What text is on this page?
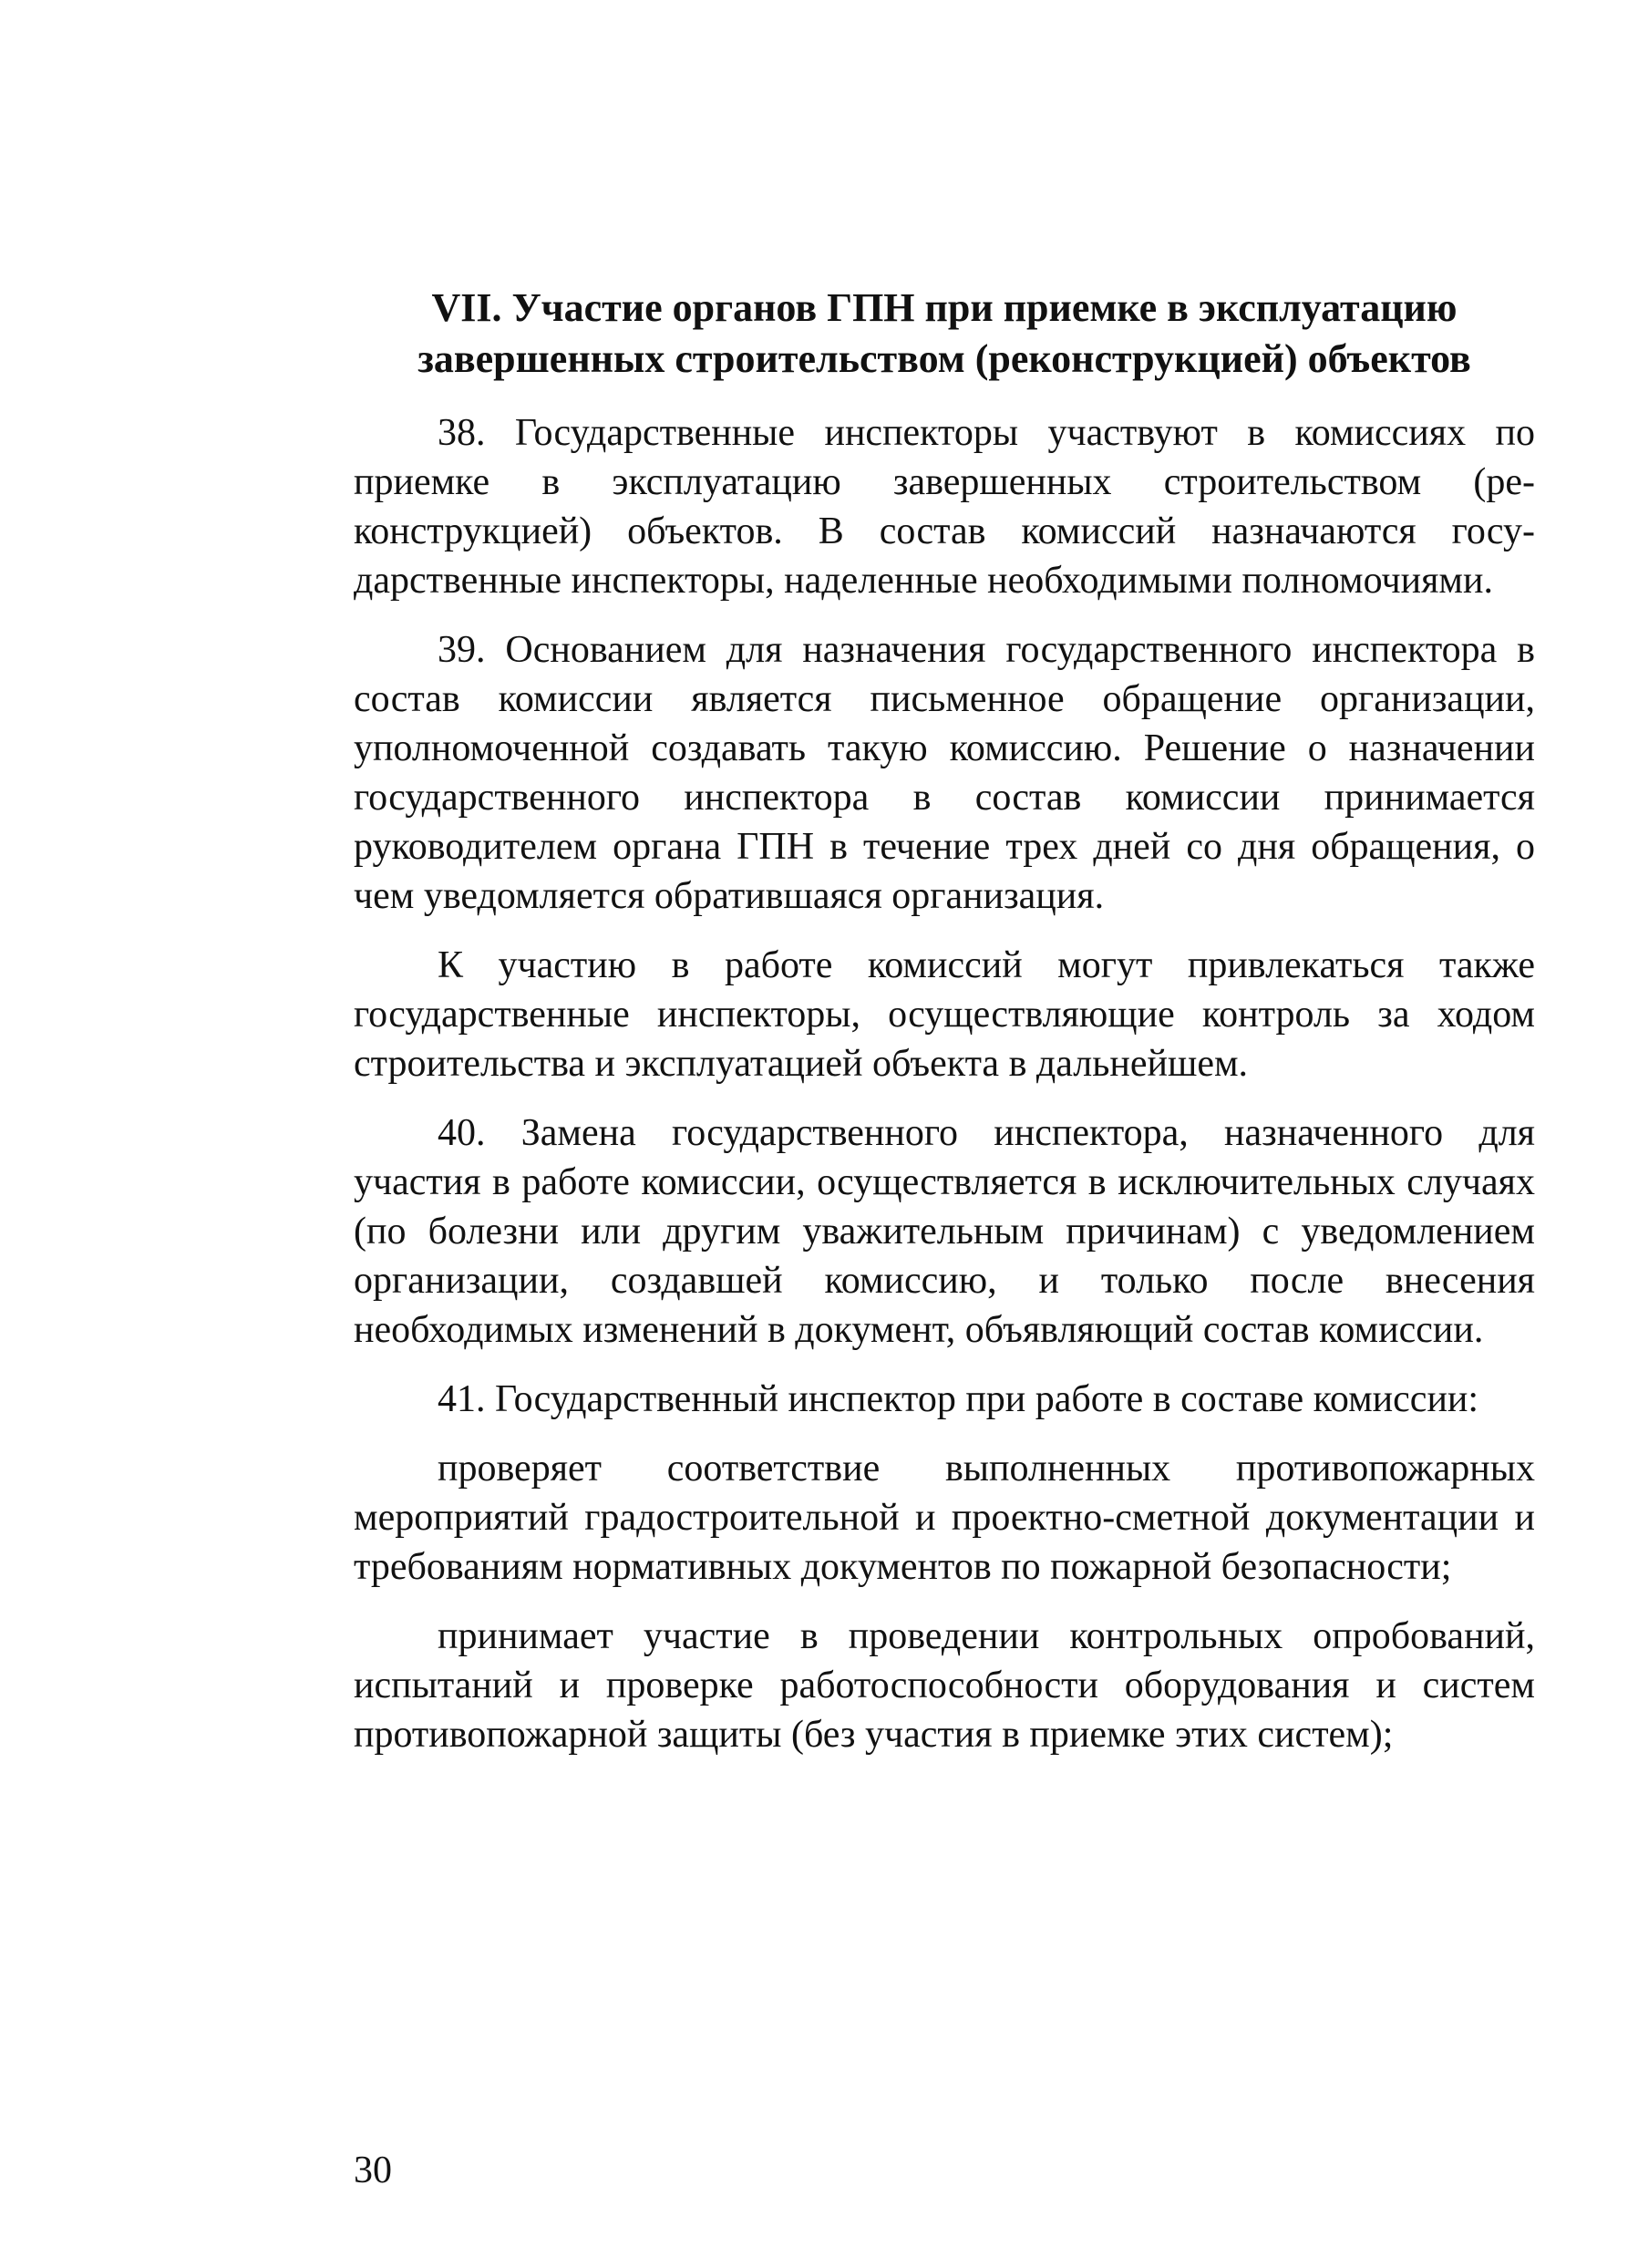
VII. Участие органов ГПН при приемке в эксплуатацию
завершенных строительством (реконструкцией) объектов

38. Государственные инспекторы участвуют в комиссиях по приемке в эксплуатацию завершенных строительством (реконструкцией) объектов. В состав комиссий назначаются государственные инспекторы, наделенные необходимыми полномочиями.

39. Основанием для назначения государственного инспектора в состав комиссии является письменное обращение организации, уполномоченной создавать такую комиссию. Решение о назначении государственного инспектора в состав комиссии принимается руководителем органа ГПН в течение трех дней со дня обращения, о чем уведомляется обратившаяся организация.

К участию в работе комиссий могут привлекаться также государственные инспекторы, осуществляющие контроль за ходом строительства и эксплуатацией объекта в дальнейшем.

40. Замена государственного инспектора, назначенного для участия в работе комиссии, осуществляется в исключительных случаях (по болезни или другим уважительным причинам) с уведомлением организации, создавшей комиссию, и только после внесения необходимых изменений в документ, объявляющий состав комиссии.

41. Государственный инспектор при работе в составе комиссии:

проверяет соответствие выполненных противопожарных мероприятий градостроительной и проектно-сметной документации и требованиям нормативных документов по пожарной безопасности;

принимает участие в проведении контрольных опробований, испытаний и проверке работоспособности оборудования и систем противопожарной защиты (без участия в приемке этих систем);

30
